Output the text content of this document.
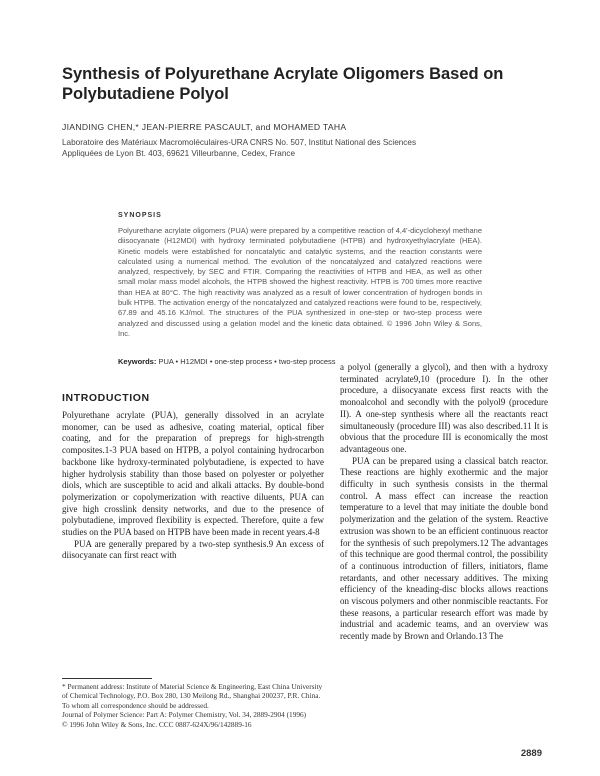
Synthesis of Polyurethane Acrylate Oligomers Based on Polybutadiene Polyol
JIANDING CHEN,* JEAN-PIERRE PASCAULT, and MOHAMED TAHA
Laboratoire des Matériaux Macromoléculaires-URA CNRS No. 507, Institut National des Sciences
Appliquées de Lyon Bt. 403, 69621 Villeurbanne, Cedex, France
SYNOPSIS
Polyurethane acrylate oligomers (PUA) were prepared by a competitive reaction of 4,4'-dicyclohexyl methane diisocyanate (H12MDI) with hydroxy terminated polybutadiene (HTPB) and hydroxyethylacrylate (HEA). Kinetic models were established for noncatalytic and catalytic systems, and the reaction constants were calculated using a numerical method. The evolution of the noncatalyzed and catalyzed reactions were analyzed, respectively, by SEC and FTIR. Comparing the reactivities of HTPB and HEA, as well as other small molar mass model alcohols, the HTPB showed the highest reactivity. HTPB is 700 times more reactive than HEA at 80°C. The high reactivity was analyzed as a result of lower concentration of hydrogen bonds in bulk HTPB. The activation energy of the noncatalyzed and catalyzed reactions were found to be, respectively, 67.89 and 45.16 KJ/mol. The structures of the PUA synthesized in one-step or two-step process were analyzed and discussed using a gelation model and the kinetic data obtained. © 1996 John Wiley & Sons, Inc.
Keywords: PUA • H12MDI • one-step process • two-step process
INTRODUCTION

Polyurethane acrylate (PUA), generally dissolved in an acrylate monomer, can be used as adhesive, coating material, optical fiber coating, and for the preparation of prepregs for high-strength composites.1-3 PUA based on HTPB, a polyol containing hydrocarbon backbone like hydroxy-terminated polybutadiene, is expected to have higher hydrolysis stability than those based on polyester or polyether diols, which are susceptible to acid and alkali attacks. By double-bond polymerization or copolymerization with reactive diluents, PUA can give high crosslink density networks, and due to the presence of polybutadiene, improved flexibility is expected. Therefore, quite a few studies on the PUA based on HTPB have been made in recent years.4-8

PUA are generally prepared by a two-step synthesis.9 An excess of diisocyanate can first react with

a polyol (generally a glycol), and then with a hydroxy terminated acrylate9,10 (procedure I). In the other procedure, a diisocyanate excess first reacts with the monoalcohol and secondly with the polyol9 (procedure II). A one-step synthesis where all the reactants react simultaneously (procedure III) was also described.11 It is obvious that the procedure III is economically the most advantageous one.

PUA can be prepared using a classical batch reactor. These reactions are highly exothermic and the major difficulty in such synthesis consists in the thermal control. A mass effect can increase the reaction temperature to a level that may initiate the double bond polymerization and the gelation of the system. Reactive extrusion was shown to be an efficient continuous reactor for the synthesis of such prepolymers.12 The advantages of this technique are good thermal control, the possibility of a continuous introduction of fillers, initiators, flame retardants, and other necessary additives. The mixing efficiency of the kneading-disc blocks allows reactions on viscous polymers and other nonmiscible reactants. For these reasons, a particular research effort was made by industrial and academic teams, and an overview was recently made by Brown and Orlando.13 The

* Permanent address: Institute of Material Science & Engineering, East China University of Chemical Technology, P.O. Box 280, 130 Meilong Rd., Shanghai 200237, P.R. China.
To whom all correspondence should be addressed.
Journal of Polymer Science: Part A: Polymer Chemistry, Vol. 34, 2889-2904 (1996)
© 1996 John Wiley & Sons, Inc. CCC 0887-624X/96/142889-16
2889
